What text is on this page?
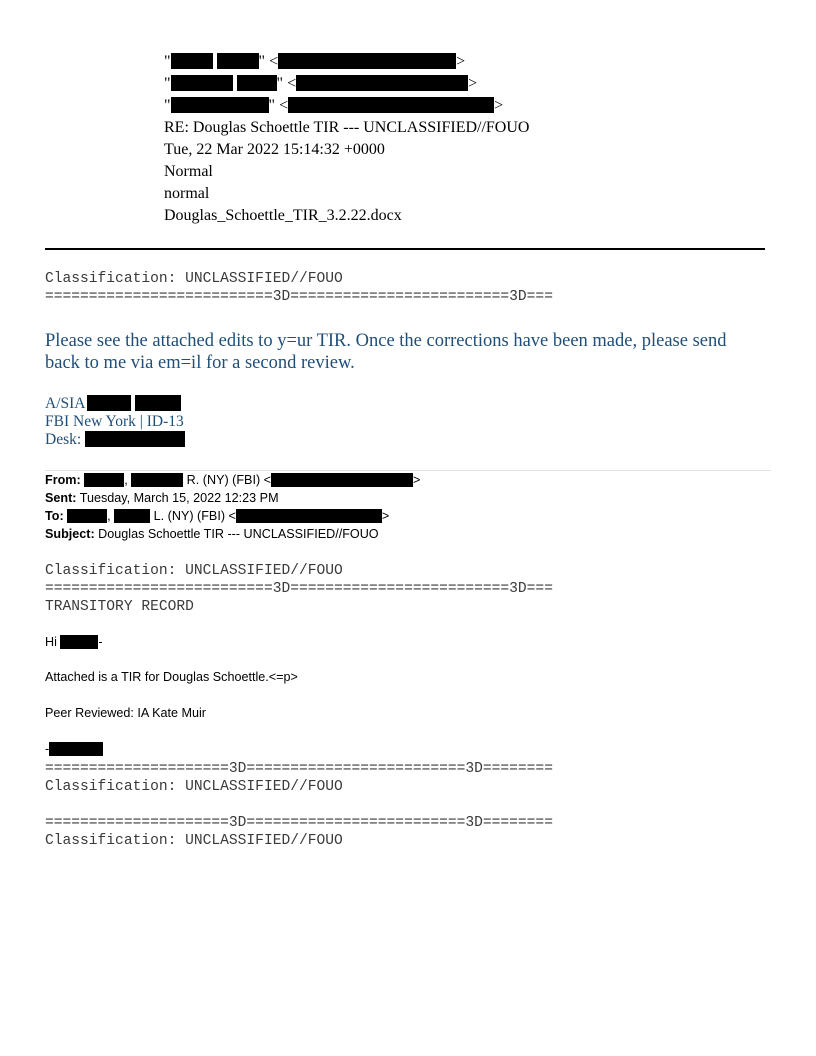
"	" <	>
"	" <	>
"	" <	>
RE: Douglas Schoettle TIR --- UNCLASSIFIED//FOUO
Tue, 22 Mar 2022 15:14:32 +0000
Normal
normal
Douglas_Schoettle_TIR_3.2.22.docx
Classification: UNCLASSIFIED//FOUO
==========================3D=========================3D===
Please see the attached edits to y=ur TIR. Once the corrections have been made, please send
back to me via em=il for a second review.
A/SIA
FBI New York | ID-13
Desk:
From:	,	R. (NY) (FBI) <	>
Sent: Tuesday, March 15, 2022 12:23 PM
To:	,	L. (NY) (FBI) <	>
Subject: Douglas Schoettle TIR --- UNCLASSIFIED//FOUO
Classification: UNCLASSIFIED//FOUO
==========================3D=========================3D===
TRANSITORY RECORD
Hi	-
Attached is a TIR for Douglas Schoettle.<=p>
Peer Reviewed: IA Kate Muir
-
=====================3D=========================3D========
Classification: UNCLASSIFIED//FOUO
=====================3D=========================3D========
Classification: UNCLASSIFIED//FOUO
